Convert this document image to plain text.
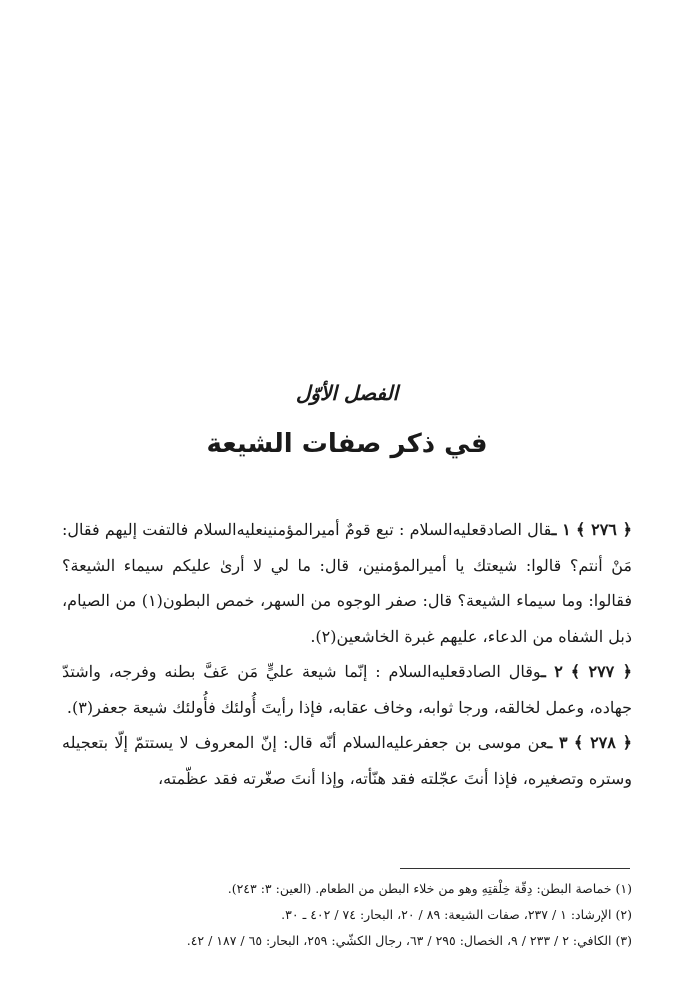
الفصل الأوّل
في ذكر صفات الشيعة

﴿ ٢٧٦ ﴾ ١ ـقال الصادقعليه‌السلام : تبع قومٌ أميرالمؤمنينعليه‌السلام فالتفت إليهم فقال: مَنْ أنتم؟ قالوا: شيعتك يا أميرالمؤمنين، قال: ما لي لا أرىٰ عليكم سيماء الشيعة؟ فقالوا: وما سيماء الشيعة؟ قال: صفر الوجوه من السهر، خمص البطون(١) من الصيام، ذبل الشفاه من الدعاء، عليهم غبرة الخاشعين(٢).

﴿ ٢٧٧ ﴾ ٢ ـوقال الصادقعليه‌السلام : إنّما شيعة عليٍّ مَن عَفَّ بطنه وفرجه، واشتدّ جهاده، وعمل لخالقه، ورجا ثوابه، وخاف عقابه، فإذا رأيتَ أُولئك فأُولئك شيعة جعفر(٣).

﴿ ٢٧٨ ﴾ ٣ ـعن موسى بن جعفرعليه‌السلام أنّه قال: إنّ المعروف لا يستتمّ إلّا بتعجيله وستره وتصغيره، فإذا أنتَ عجّلته فقد هنّأته، وإذا أنتَ صغّرته فقد عظّمته،

(١) خماصة البطن: دِقّة خِلْقتِهِ وهو من خلاء البطن من الطعام. (العين: ٣: ٢٤٣).

(٢) الإرشاد: ١ / ٢٣٧، صفات الشيعة: ٨٩ / ٢٠، البحار: ٧٤ / ٤٠٢ ـ ٣٠.

(٣) الكافي: ٢ / ٢٣٣ / ٩، الخصال: ٢٩٥ / ٦٣، رجال الكشّي: ٢٥٩، البحار: ٦٥ / ١٨٧ / ٤٢.
